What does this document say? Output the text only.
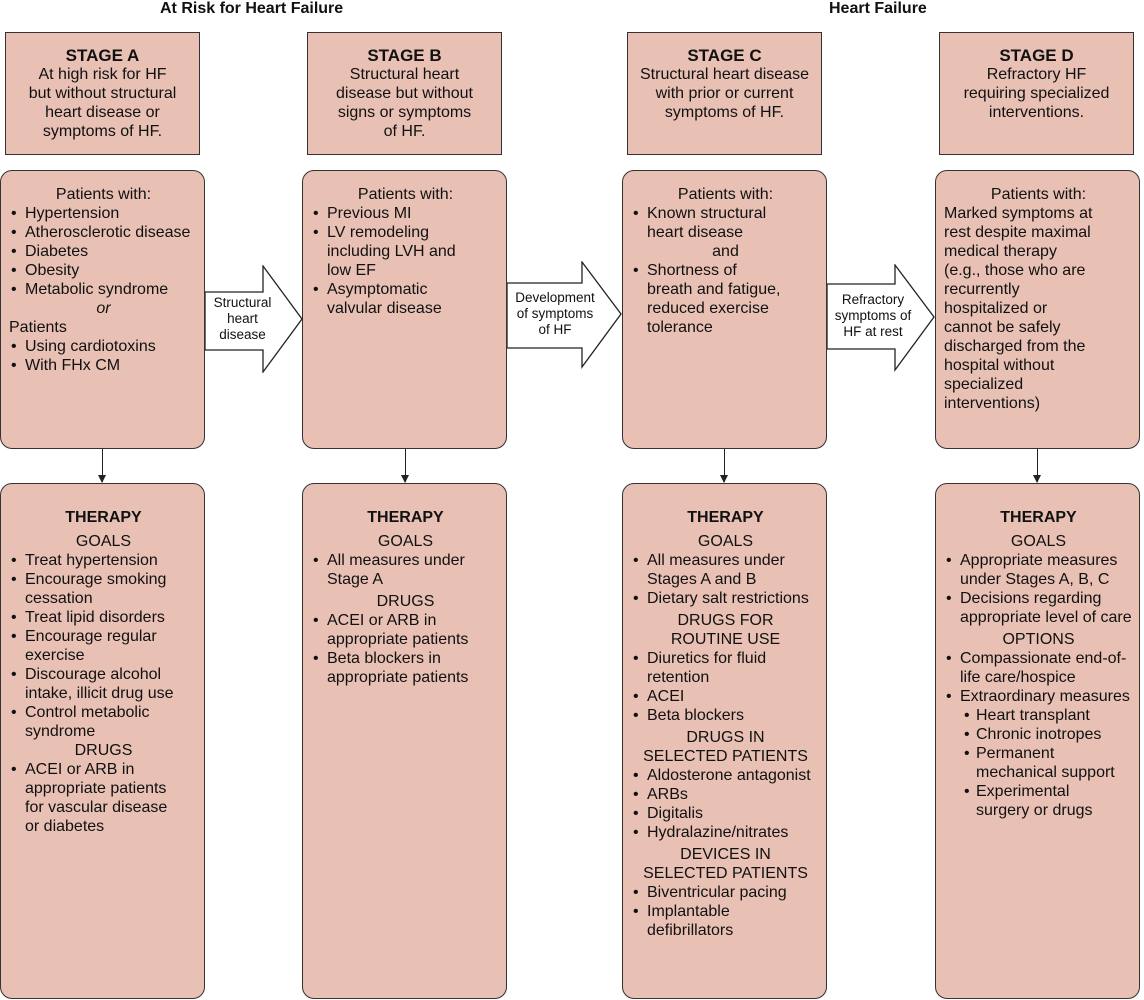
At Risk for Heart Failure	Heart Failure
STAGE A
At high risk for HF
but without structural
heart disease or
symptoms of HF.
Patients with:
• Hypertension
• Atherosclerotic disease
• Diabetes
• Obesity
• Metabolic syndrome
or
Patients
• Using cardiotoxins
• With FHx CM
THERAPY
GOALS
• Treat hypertension
• Encourage smoking
cessation
• Treat lipid disorders
• Encourage regular
exercise
• Discourage alcohol
intake, illicit drug use
• Control metabolic
syndrome
DRUGS
• ACEI or ARB in
appropriate patients
for vascular disease
or diabetes
STAGE B
Structural heart
disease but without
signs or symptoms
of HF.
Patients with:
• Previous MI
• LV remodeling
including LVH and
low EF
• Asymptomatic
valvular disease
THERAPY
GOALS
• All measures under
Stage A
DRUGS
• ACEI or ARB in
appropriate patients
• Beta blockers in
appropriate patients
STAGE C
Structural heart disease
with prior or current
symptoms of HF.
Patients with:
• Known structural
heart disease
and
• Shortness of
breath and fatigue,
reduced exercise
tolerance
THERAPY
GOALS
• All measures under
Stages A and B
• Dietary salt restrictions
DRUGS FOR
ROUTINE USE
• Diuretics for fluid
retention
• ACEI
• Beta blockers
DRUGS IN
SELECTED PATIENTS
• Aldosterone antagonist
• ARBs
• Digitalis
• Hydralazine/nitrates
DEVICES IN
SELECTED PATIENTS
• Biventricular pacing
• Implantable
defibrillators
STAGE D
Refractory HF
requiring specialized
interventions.
Patients with:
Marked symptoms at
rest despite maximal
medical therapy
(e.g., those who are
recurrently
hospitalized or
cannot be safely
discharged from the
hospital without
specialized
interventions)
THERAPY
GOALS
• Appropriate measures
under Stages A, B, C
• Decisions regarding
appropriate level of care
OPTIONS
• Compassionate end-of-
life care/hospice
• Extraordinary measures
• Heart transplant
• Chronic inotropes
• Permanent
mechanical support
• Experimental
surgery or drugs
Structural
heart
disease
Development
of symptoms
of HF
Refractory
symptoms of
HF at rest
